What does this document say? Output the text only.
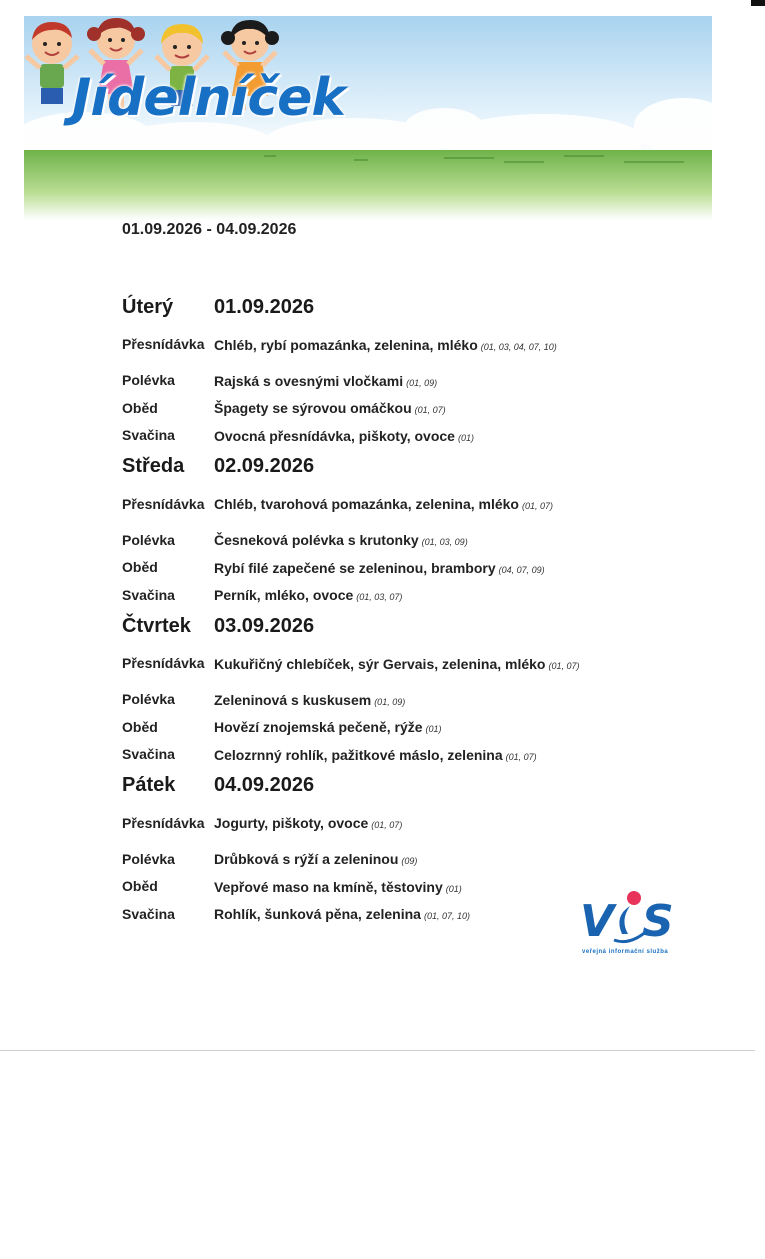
Jídelníček
01.09.2026 - 04.09.2026
Úterý	01.09.2026
Přesnídávka Chléb, rybí pomazánka, zelenina, mléko (01, 03, 04, 07, 10)
Polévka	Rajská s ovesnými vločkami (01, 09)
Oběd	Špagety se sýrovou omáčkou (01, 07)
Svačina	Ovocná přesnídávka, piškoty, ovoce (01)
Středa	02.09.2026
Přesnídávka Chléb, tvarohová pomazánka, zelenina, mléko (01, 07)
Polévka	Česneková polévka s krutonky (01, 03, 09)
Oběd	Rybí filé zapečené se zeleninou, brambory (04, 07, 09)
Svačina	Perník, mléko, ovoce (01, 03, 07)
Čtvrtek	03.09.2026
Přesnídávka Kukuřičný chlebíček, sýr Gervais, zelenina, mléko (01, 07)
Polévka	Zeleninová s kuskusem (01, 09)
Oběd	Hovězí znojemská pečeně, rýže (01)
Svačina	Celozrnný rohlík, pažitkové máslo, zelenina (01, 07)
Pátek	04.09.2026
Přesnídávka Jogurty, piškoty, ovoce (01, 07)
Polévka	Drůbková s rýží a zeleninou (09)
Oběd	Vepřové maso na kmíně, těstoviny (01)
Svačina	Rohlík, šunková pěna, zelenina (01, 07, 10)	V S
veřejná informační služba
